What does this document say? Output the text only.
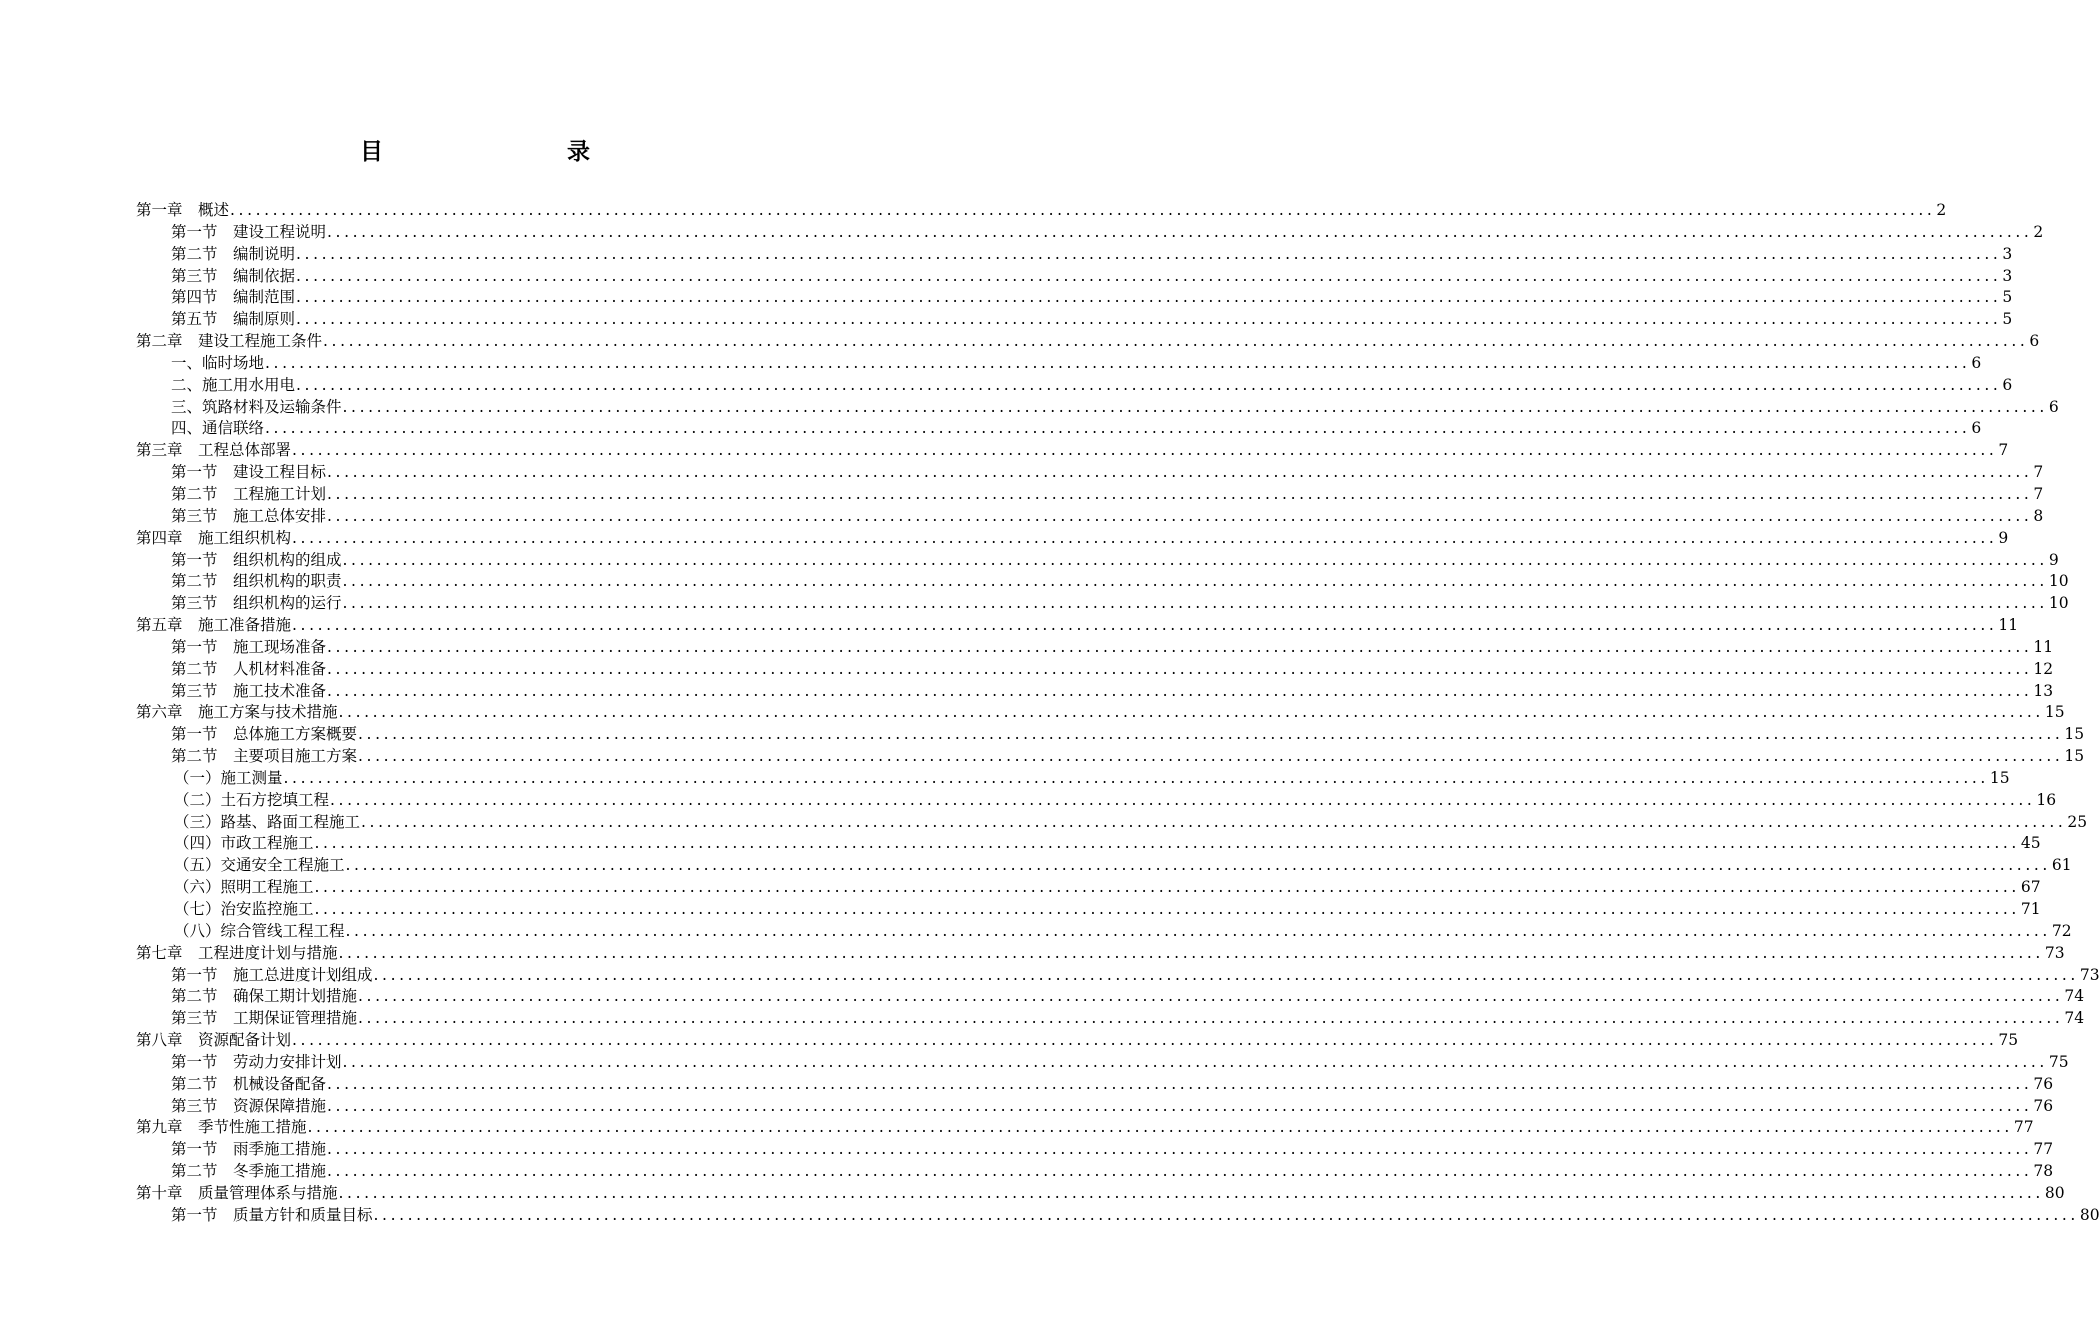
目 录
第一章　概述 ........................................................................................................................................................................................................ 2
第一节　建设工程说明 ........................................................................................................................................................................................................ 2
第二节　编制说明 ........................................................................................................................................................................................................ 3
第三节　编制依据 ........................................................................................................................................................................................................ 3
第四节　编制范围 ........................................................................................................................................................................................................ 5
第五节　编制原则 ........................................................................................................................................................................................................ 5
第二章　建设工程施工条件 ........................................................................................................................................................................................................ 6
一、临时场地 ........................................................................................................................................................................................................ 6
二、施工用水用电 ........................................................................................................................................................................................................ 6
三、筑路材料及运输条件 ........................................................................................................................................................................................................ 6
四、通信联络 ........................................................................................................................................................................................................ 6
第三章　工程总体部署 ........................................................................................................................................................................................................ 7
第一节　建设工程目标 ........................................................................................................................................................................................................ 7
第二节　工程施工计划 ........................................................................................................................................................................................................ 7
第三节　施工总体安排 ........................................................................................................................................................................................................ 8
第四章　施工组织机构 ........................................................................................................................................................................................................ 9
第一节　组织机构的组成 ........................................................................................................................................................................................................ 9
第二节　组织机构的职责 ........................................................................................................................................................................................................ 10
第三节　组织机构的运行 ........................................................................................................................................................................................................ 10
第五章　施工准备措施 ........................................................................................................................................................................................................ 11
第一节　施工现场准备 ........................................................................................................................................................................................................ 11
第二节　人机材料准备 ........................................................................................................................................................................................................ 12
第三节　施工技术准备 ........................................................................................................................................................................................................ 13
第六章　施工方案与技术措施 ........................................................................................................................................................................................................ 15
第一节　总体施工方案概要 ........................................................................................................................................................................................................ 15
第二节　主要项目施工方案 ........................................................................................................................................................................................................ 15
（一）施工测量 ........................................................................................................................................................................................................ 15
（二）土石方挖填工程 ........................................................................................................................................................................................................ 16
（三）路基、路面工程施工 ........................................................................................................................................................................................................ 25
（四）市政工程施工 ........................................................................................................................................................................................................ 45
（五）交通安全工程施工 ........................................................................................................................................................................................................ 61
（六）照明工程施工 ........................................................................................................................................................................................................ 67
（七）治安监控施工 ........................................................................................................................................................................................................ 71
（八）综合管线工程工程 ........................................................................................................................................................................................................ 72
第七章　工程进度计划与措施 ........................................................................................................................................................................................................ 73
第一节　施工总进度计划组成 ........................................................................................................................................................................................................ 73
第二节　确保工期计划措施 ........................................................................................................................................................................................................ 74
第三节　工期保证管理措施 ........................................................................................................................................................................................................ 74
第八章　资源配备计划 ........................................................................................................................................................................................................ 75
第一节　劳动力安排计划 ........................................................................................................................................................................................................ 75
第二节　机械设备配备 ........................................................................................................................................................................................................ 76
第三节　资源保障措施 ........................................................................................................................................................................................................ 76
第九章　季节性施工措施 ........................................................................................................................................................................................................ 77
第一节　雨季施工措施 ........................................................................................................................................................................................................ 77
第二节　冬季施工措施 ........................................................................................................................................................................................................ 78
第十章　质量管理体系与措施 ........................................................................................................................................................................................................ 80
第一节　质量方针和质量目标 ........................................................................................................................................................................................................ 80
